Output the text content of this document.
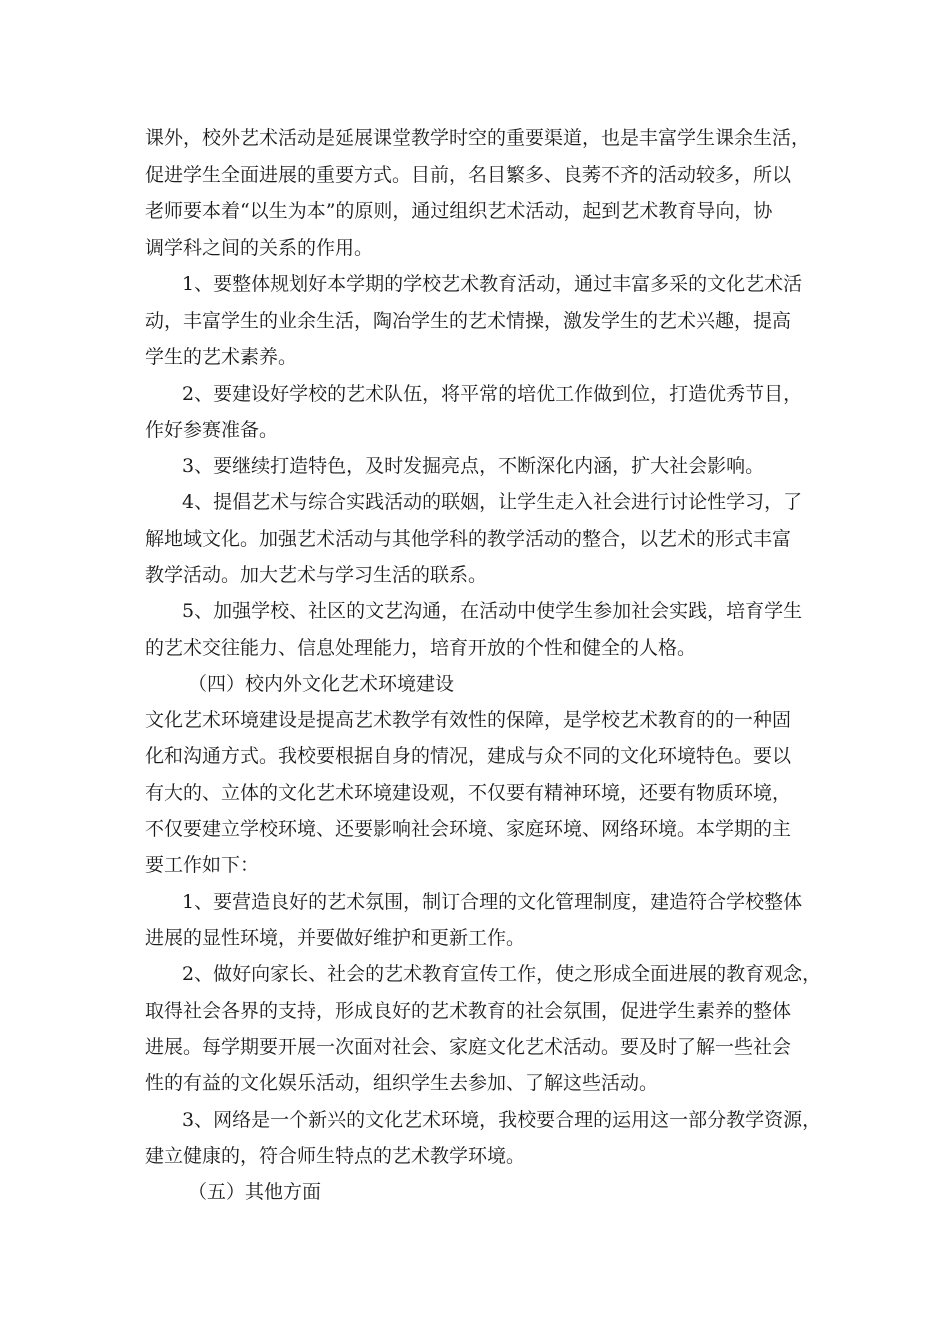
课外，校外艺术活动是延展课堂教学时空的重要渠道，也是丰富学生课余生活，
促进学生全面进展的重要方式。目前，名目繁多、良莠不齐的活动较多，所以
老师要本着“以生为本”的原则，通过组织艺术活动，起到艺术教育导向，协
调学科之间的关系的作用。
1、要整体规划好本学期的学校艺术教育活动，通过丰富多采的文化艺术活
动，丰富学生的业余生活，陶冶学生的艺术情操，激发学生的艺术兴趣，提高
学生的艺术素养。
2、要建设好学校的艺术队伍，将平常的培优工作做到位，打造优秀节目，
作好参赛准备。
3、要继续打造特色，及时发掘亮点，不断深化内涵，扩大社会影响。
4、提倡艺术与综合实践活动的联姻，让学生走入社会进行讨论性学习，了
解地域文化。加强艺术活动与其他学科的教学活动的整合，以艺术的形式丰富
教学活动。加大艺术与学习生活的联系。
5、加强学校、社区的文艺沟通，在活动中使学生参加社会实践，培育学生
的艺术交往能力、信息处理能力，培育开放的个性和健全的人格。
（四）校内外文化艺术环境建设
文化艺术环境建设是提高艺术教学有效性的保障，是学校艺术教育的的一种固
化和沟通方式。我校要根据自身的情况，建成与众不同的文化环境特色。要以
有大的、立体的文化艺术环境建设观，不仅要有精神环境，还要有物质环境，
不仅要建立学校环境、还要影响社会环境、家庭环境、网络环境。本学期的主
要工作如下：
1、要营造良好的艺术氛围，制订合理的文化管理制度，建造符合学校整体
进展的显性环境，并要做好维护和更新工作。
2、做好向家长、社会的艺术教育宣传工作，使之形成全面进展的教育观念，
取得社会各界的支持，形成良好的艺术教育的社会氛围，促进学生素养的整体
进展。每学期要开展一次面对社会、家庭文化艺术活动。要及时了解一些社会
性的有益的文化娱乐活动，组织学生去参加、了解这些活动。
3、网络是一个新兴的文化艺术环境，我校要合理的运用这一部分教学资源，
建立健康的，符合师生特点的艺术教学环境。
（五）其他方面
